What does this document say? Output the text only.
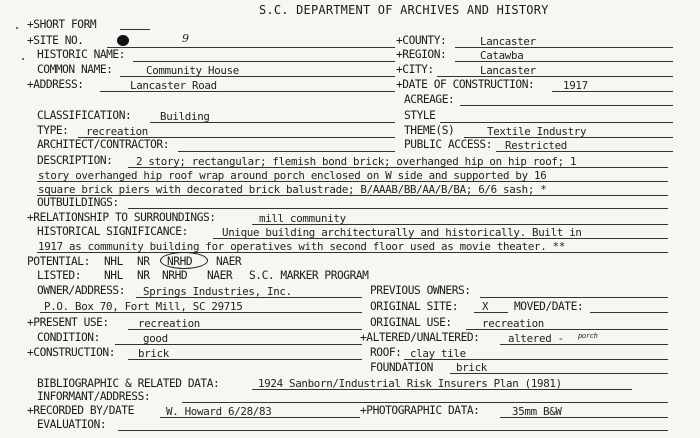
S.C. DEPARTMENT OF ARCHIVES AND HISTORY
+SHORT FORM
+SITE NO.	9	+COUNTY:	Lancaster
HISTORIC NAME:	+REGION:	Catawba
COMMON NAME:	Community House	+CITY:	Lancaster
+ADDRESS:	Lancaster Road	+DATE OF CONSTRUCTION:	1917
ACREAGE:
CLASSIFICATION:	Building	STYLE
TYPE: recreation	THEME(S)	Textile Industry
ARCHITECT/CONTRACTOR:	PUBLIC ACCESS: Restricted
DESCRIPTION: 2 story; rectangular; flemish bond brick; overhanged hip on hip roof; 1
story overhanged hip roof wrap around porch enclosed on W side and supported by 16
square brick piers with decorated brick balustrade; B/AAAB/BB/AA/B/BA; 6/6 sash; *
OUTBUILDINGS:
+RELATIONSHIP TO SURROUNDINGS:	mill community
HISTORICAL SIGNIFICANCE:	Unique building architecturally and historically. Built in
1917 as community building for operatives with second floor used as movie theater. **
POTENTIAL: NHL NR NRHD NAER
LISTED: NHL NR NRHD NAER S.C. MARKER PROGRAM
OWNER/ADDRESS: Springs Industries, Inc.	PREVIOUS OWNERS:
P.O. Box 70, Fort Mill, SC 29715	ORIGINAL SITE: X MOVED/DATE:
+PRESENT USE:	recreation	ORIGINAL USE:	recreation
CONDITION:	good	+ALTERED/UNALTERED:	altered - porch
+CONSTRUCTION: brick	ROOF: clay tile
FOUNDATION brick
BIBLIOGRAPHIC & RELATED DATA:	1924 Sanborn/Industrial Risk Insurers Plan (1981)
INFORMANT/ADDRESS:
+RECORDED BY/DATE	W. Howard 6/28/83	+PHOTOGRAPHIC DATA:	35mm B&W
EVALUATION:
